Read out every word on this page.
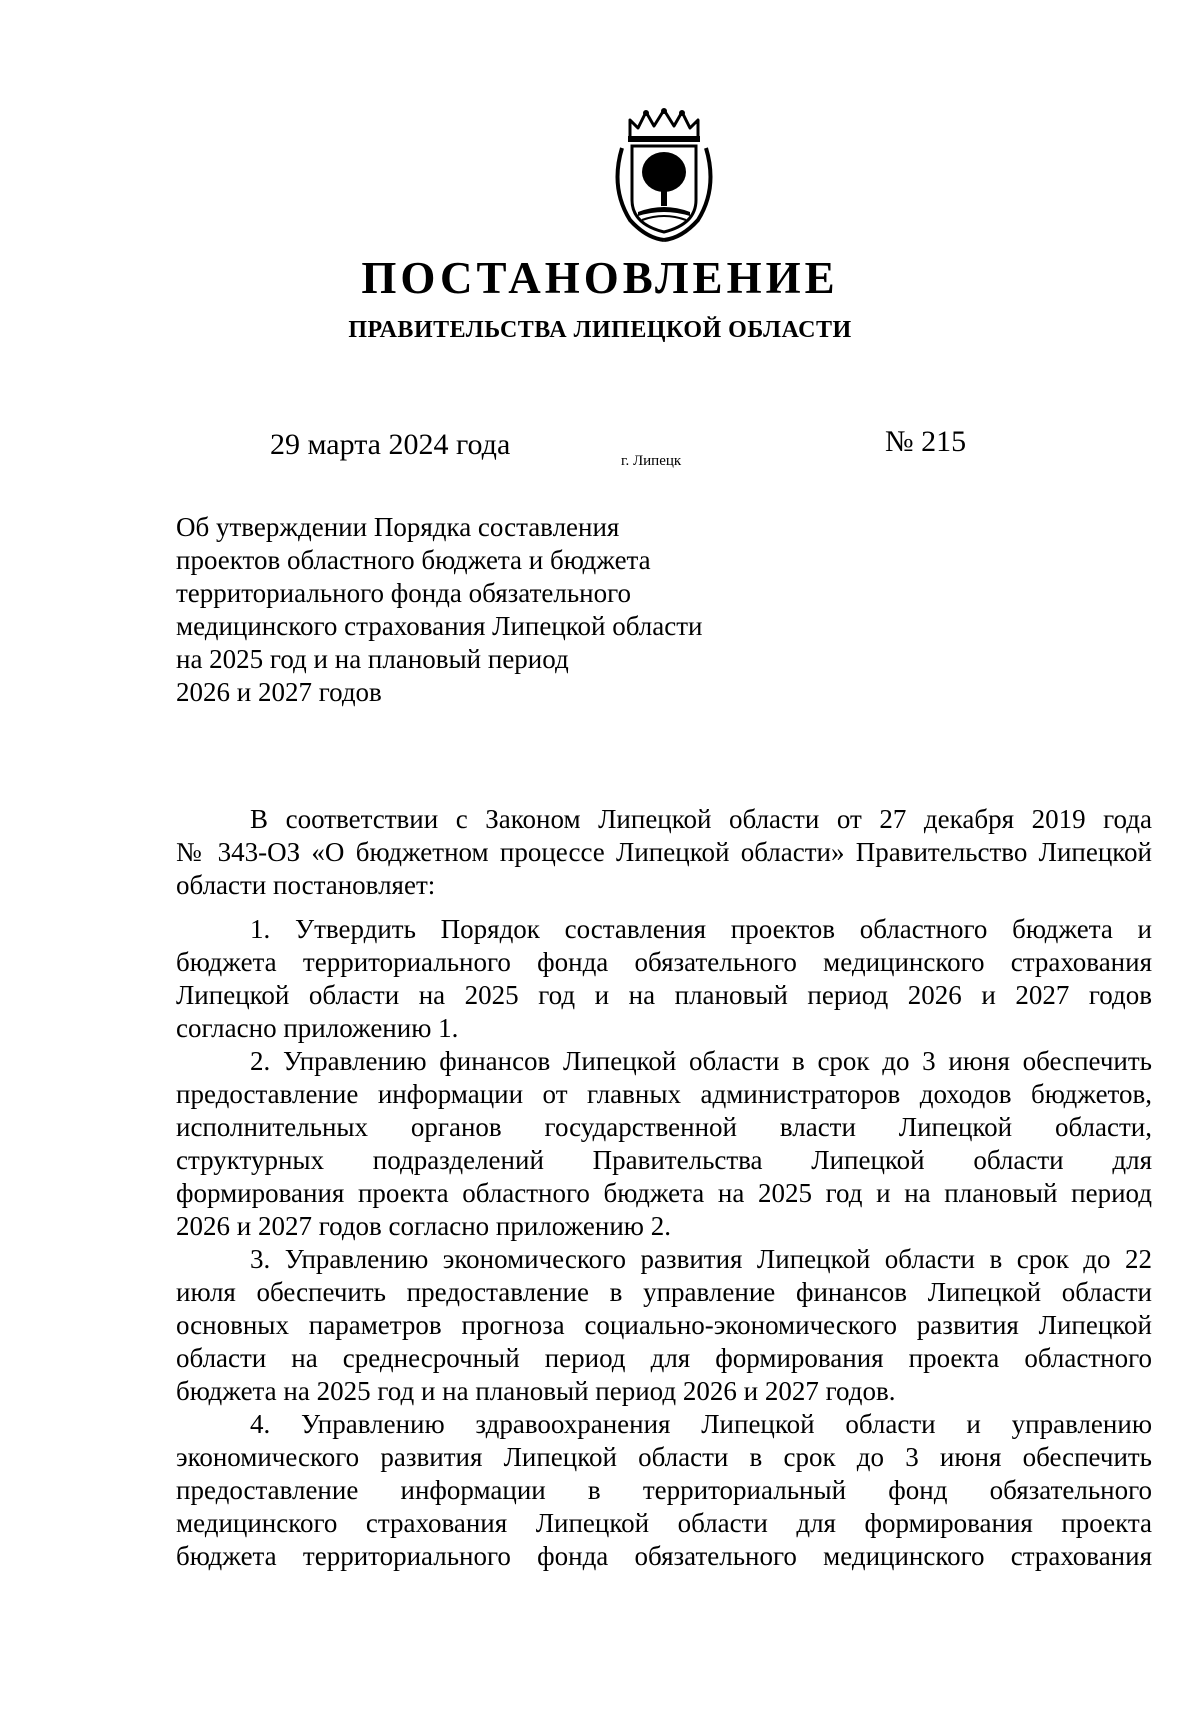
ПОСТАНОВЛЕНИЕ
ПРАВИТЕЛЬСТВА ЛИПЕЦКОЙ ОБЛАСТИ
29 марта 2024 года	г. Липецк
№ 215
Об утверждении Порядка составления
проектов областного бюджета и бюджета
территориального фонда обязательного
медицинского страхования Липецкой области
на 2025 год и на плановый период
2026 и 2027 годов
В соответствии с Законом Липецкой области от 27 декабря 2019 года
№ 343-ОЗ «О бюджетном процессе Липецкой области» Правительство Липецкой
области постановляет:
1. Утвердить Порядок составления проектов областного бюджета и
бюджета территориального фонда обязательного медицинского страхования
Липецкой области на 2025 год и на плановый период 2026 и 2027 годов
согласно приложению 1.
2. Управлению финансов Липецкой области в срок до 3 июня обеспечить
предоставление информации от главных администраторов доходов бюджетов,
исполнительных органов государственной власти Липецкой области,
структурных подразделений Правительства Липецкой области для
формирования проекта областного бюджета на 2025 год и на плановый период
2026 и 2027 годов согласно приложению 2.
3. Управлению экономического развития Липецкой области в срок до 22
июля обеспечить предоставление в управление финансов Липецкой области
основных параметров прогноза социально-экономического развития Липецкой
области на среднесрочный период для формирования проекта областного
бюджета на 2025 год и на плановый период 2026 и 2027 годов.
4. Управлению здравоохранения Липецкой области и управлению
экономического развития Липецкой области в срок до 3 июня обеспечить
предоставление информации в территориальный фонд обязательного
медицинского страхования Липецкой области для формирования проекта
бюджета территориального фонда обязательного медицинского страхования
